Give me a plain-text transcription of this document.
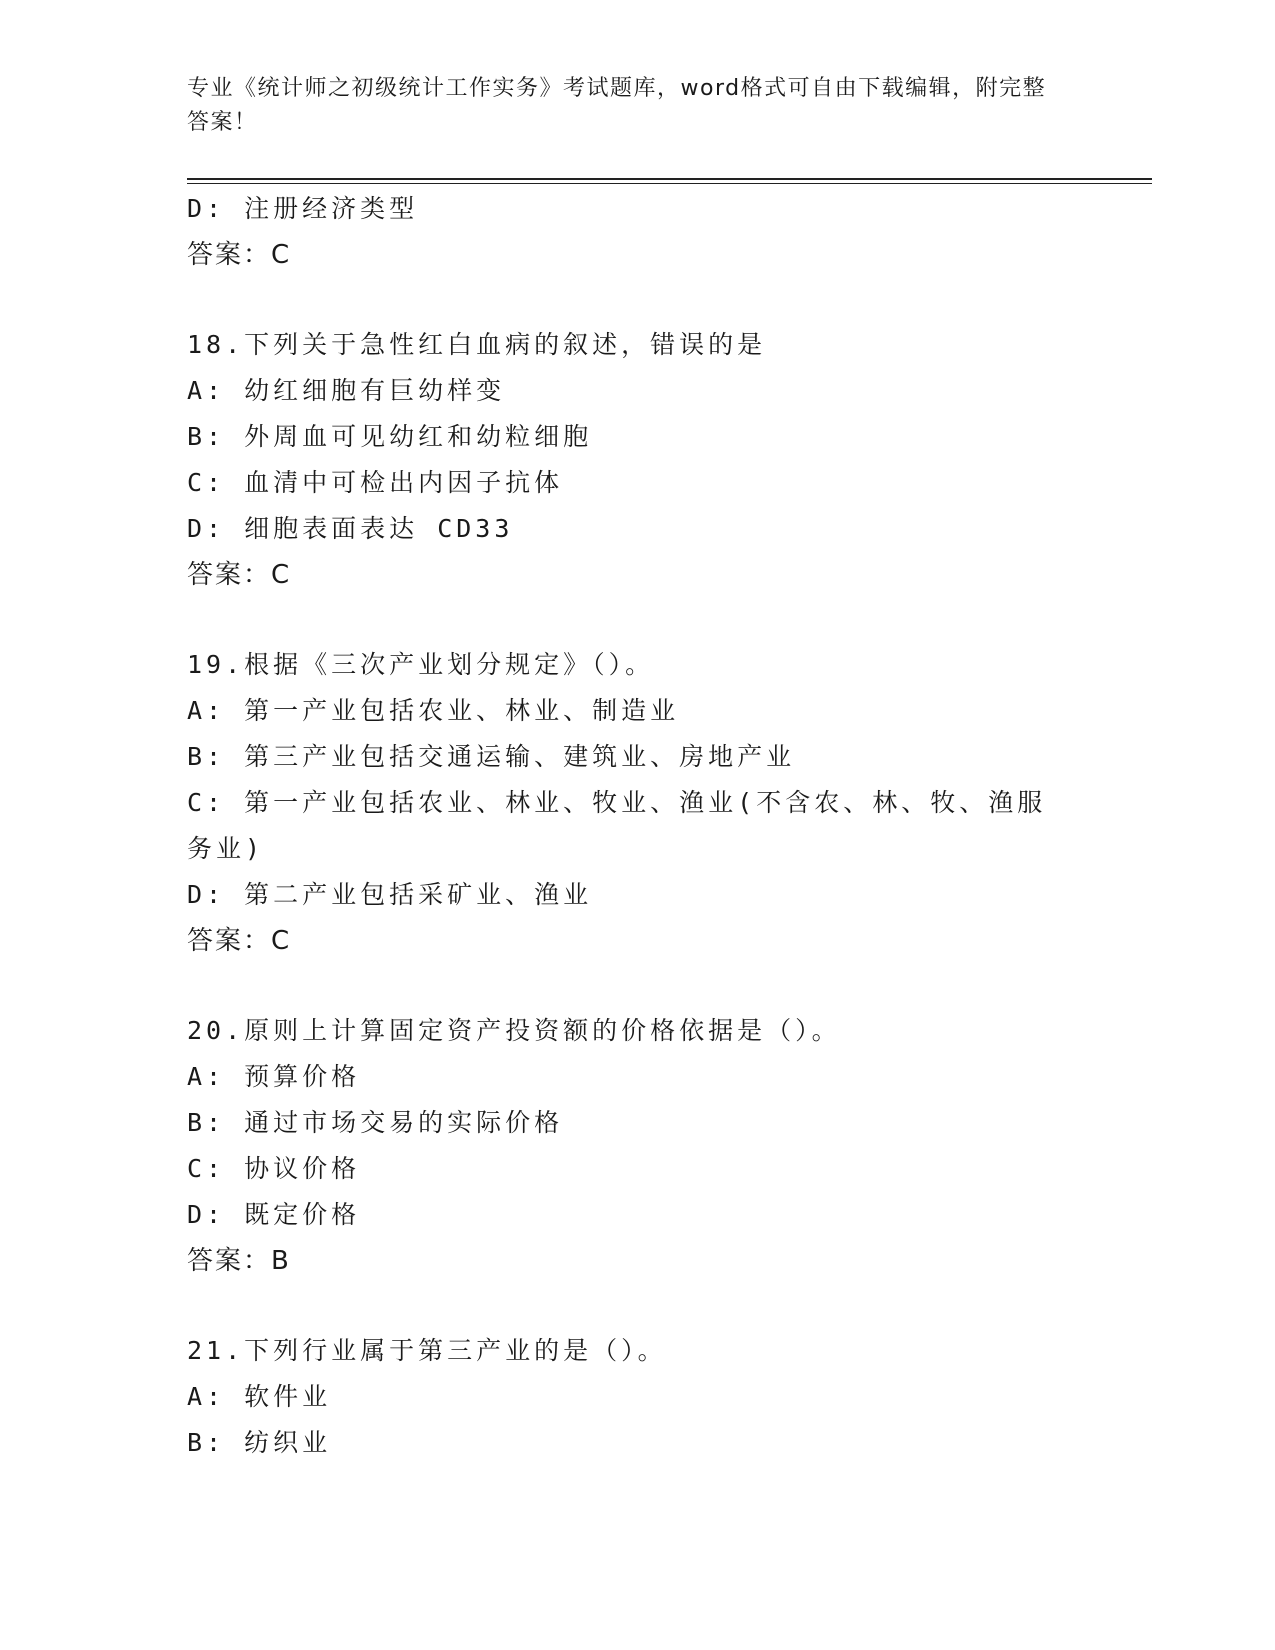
专业《统计师之初级统计工作实务》考试题库，word格式可自由下载编辑，附完整答案！
D: 注册经济类型
答案：C
18.下列关于急性红白血病的叙述，错误的是
A: 幼红细胞有巨幼样变
B: 外周血可见幼红和幼粒细胞
C: 血清中可检出内因子抗体
D: 细胞表面表达 CD33
答案：C
19.根据《三次产业划分规定》（）。
A: 第一产业包括农业、林业、制造业
B: 第三产业包括交通运输、建筑业、房地产业
C: 第一产业包括农业、林业、牧业、渔业(不含农、林、牧、渔服务业)
D: 第二产业包括采矿业、渔业
答案：C
20.原则上计算固定资产投资额的价格依据是（）。
A: 预算价格
B: 通过市场交易的实际价格
C: 协议价格
D: 既定价格
答案：B
21.下列行业属于第三产业的是（）。
A: 软件业
B: 纺织业
